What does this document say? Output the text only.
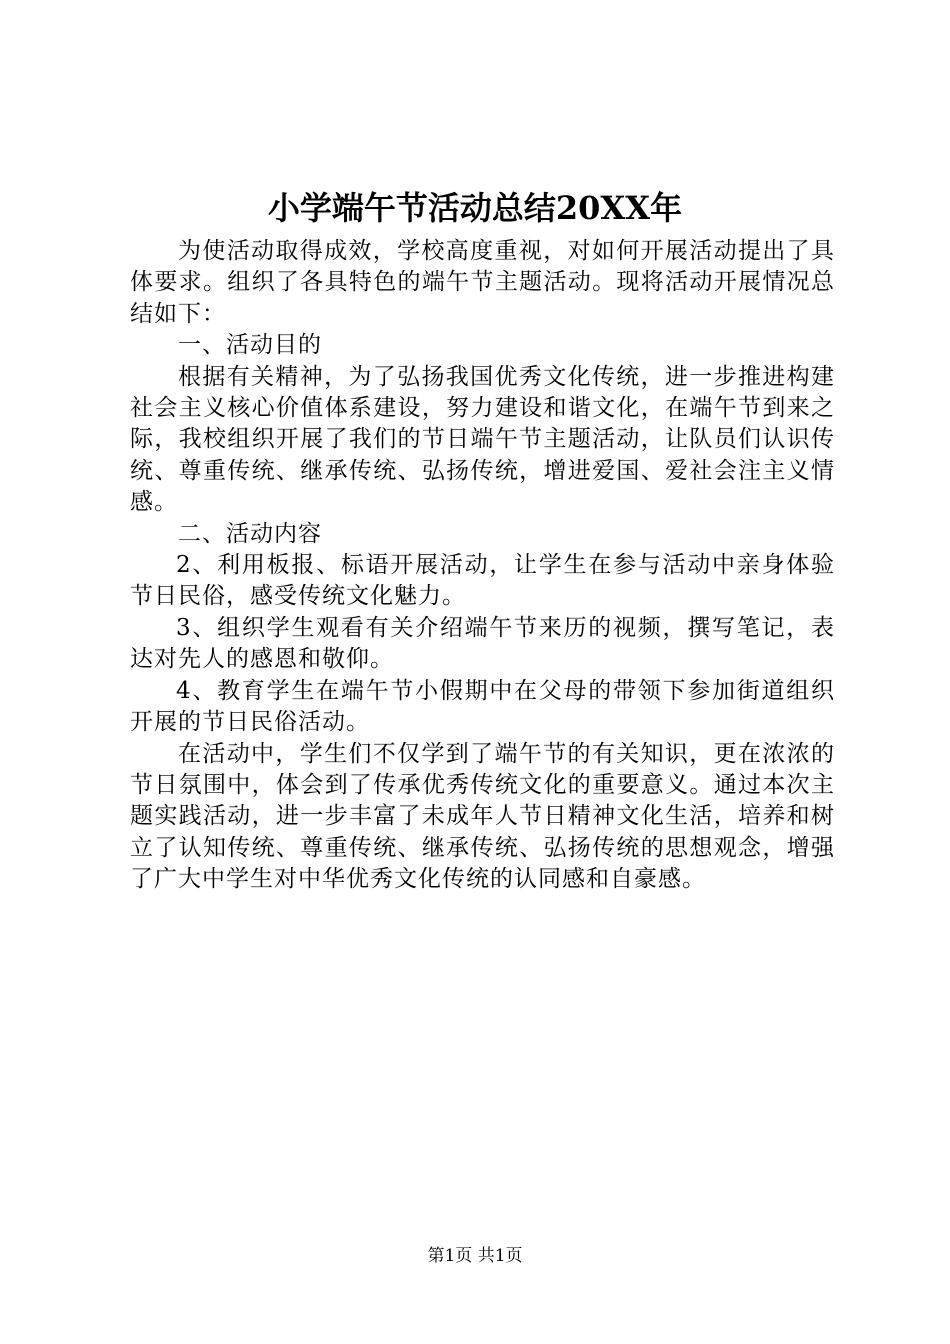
小学端午节活动总结20XX年

为使活动取得成效，学校高度重视，对如何开展活动提出了具体要求。组织了各具特色的端午节主题活动。现将活动开展情况总结如下：

一、活动目的

根据有关精神，为了弘扬我国优秀文化传统，进一步推进构建社会主义核心价值体系建设，努力建设和谐文化，在端午节到来之际，我校组织开展了我们的节日端午节主题活动，让队员们认识传统、尊重传统、继承传统、弘扬传统，增进爱国、爱社会注主义情感。

二、活动内容

2、利用板报、标语开展活动，让学生在参与活动中亲身体验节日民俗，感受传统文化魅力。

3、组织学生观看有关介绍端午节来历的视频，撰写笔记，表达对先人的感恩和敬仰。

4、教育学生在端午节小假期中在父母的带领下参加街道组织开展的节日民俗活动。

在活动中，学生们不仅学到了端午节的有关知识，更在浓浓的节日氛围中，体会到了传承优秀传统文化的重要意义。通过本次主题实践活动，进一步丰富了未成年人节日精神文化生活，培养和树立了认知传统、尊重传统、继承传统、弘扬传统的思想观念，增强了广大中学生对中华优秀文化传统的认同感和自豪感。

第1页 共1页
